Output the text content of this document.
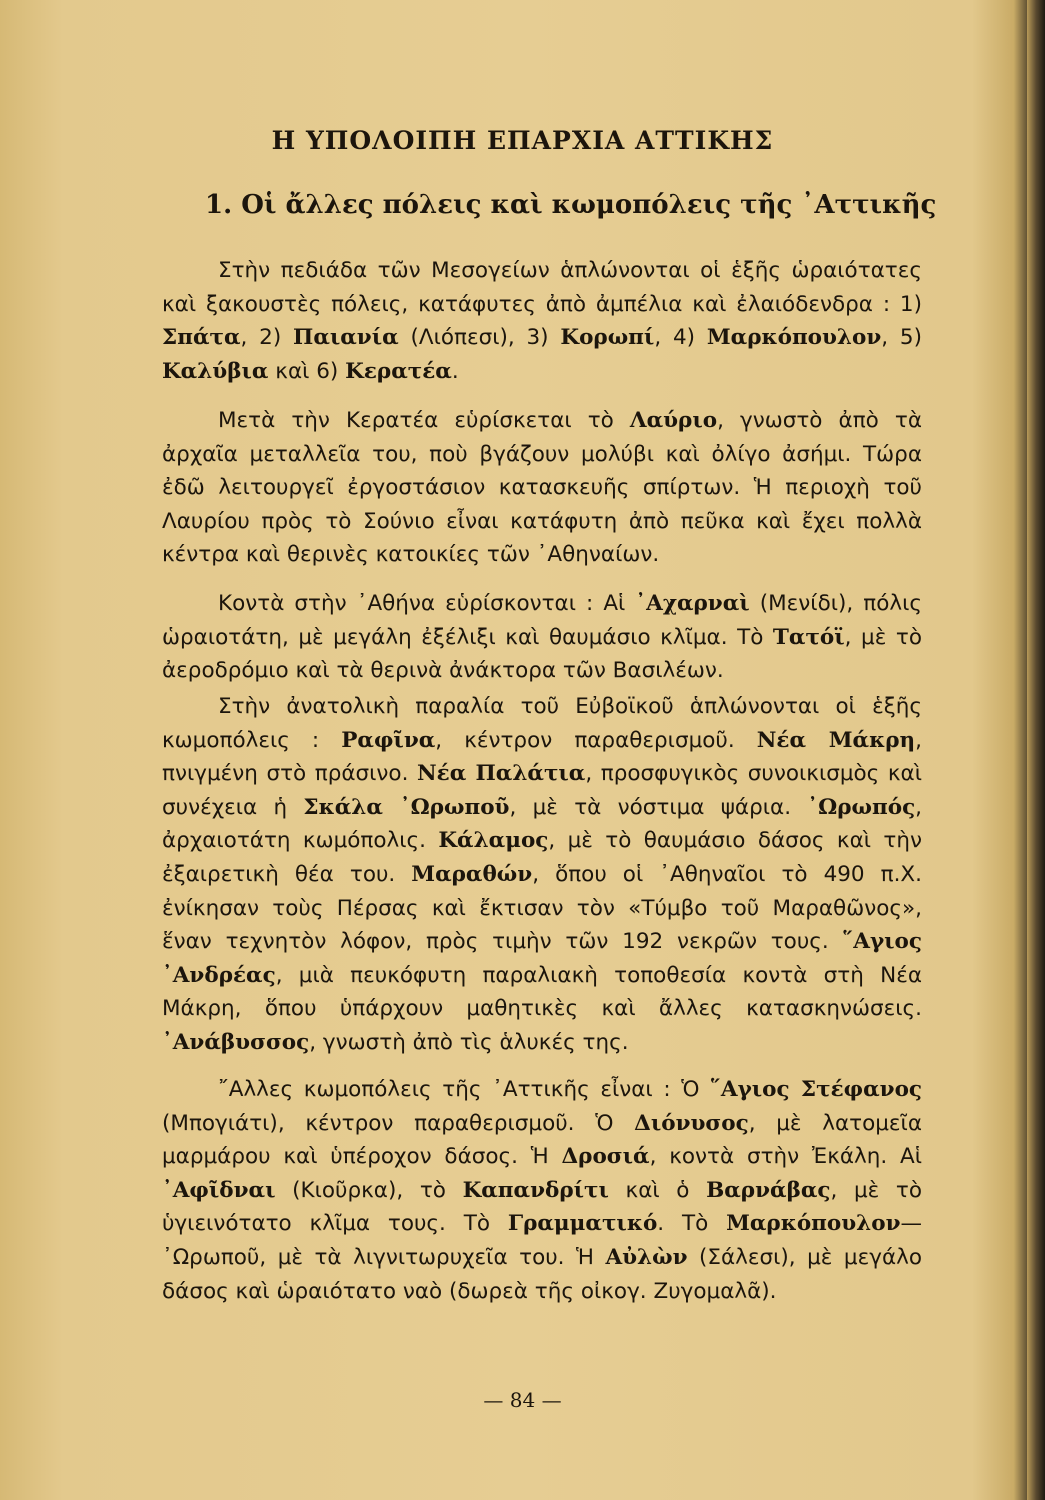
Η ΥΠΟΛΟΙΠΗ ΕΠΑΡΧΙΑ ΑΤΤΙΚΗΣ
1. Οἱ ἄλλες πόλεις καὶ κωμοπόλεις τῆς ᾽Αττικῆς

Στὴν πεδιάδα τῶν Μεσογείων ἁπλώνονται οἱ ἑξῆς ὡραιότατες καὶ ξακουστὲς πόλεις, κατάφυτες ἀπὸ ἀμπέλια καὶ ἐλαιόδενδρα : 1) Σπάτα, 2) Παιανία (Λιόπεσι), 3) Κορωπί, 4) Μαρκόπουλον, 5) Καλύβια καὶ 6) Κερατέα.

Μετὰ τὴν Κερατέα εὑρίσκεται τὸ Λαύριο, γνωστὸ ἀπὸ τὰ ἀρχαῖα μεταλλεῖα του, ποὺ βγάζουν μολύβι καὶ ὀλίγο ἀσήμι. Τώρα ἐδῶ λειτουργεῖ ἐργοστάσιον κατασκευῆς σπίρτων. Ἡ περιοχὴ τοῦ Λαυρίου πρὸς τὸ Σούνιο εἶναι κατάφυτη ἀπὸ πεῦκα καὶ ἔχει πολλὰ κέντρα καὶ θερινὲς κατοικίες τῶν ᾽Αθηναίων.

Κοντὰ στὴν ᾽Αθήνα εὑρίσκονται : Αἱ ᾽Αχαρναὶ (Μενίδι), πόλις ὡραιοτάτη, μὲ μεγάλη ἐξέλιξι καὶ θαυμάσιο κλῖμα. Τὸ Τατόϊ, μὲ τὸ ἀεροδρόμιο καὶ τὰ θερινὰ ἀνάκτορα τῶν Βασιλέων.

Στὴν ἀνατολικὴ παραλία τοῦ Εὐβοϊκοῦ ἁπλώνονται οἱ ἑξῆς κωμοπόλεις : Ραφῖνα, κέντρον παραθερισμοῦ. Νέα Μάκρη, πνιγμένη στὸ πράσινο. Νέα Παλάτια, προσφυγικὸς συνοικισμὸς καὶ συνέχεια ἡ Σκάλα ᾽Ωρωποῦ, μὲ τὰ νόστιμα ψάρια. ᾽Ωρωπός, ἀρχαιοτάτη κωμόπολις. Κάλαμος, μὲ τὸ θαυμάσιο δάσος καὶ τὴν ἐξαιρετικὴ θέα του. Μαραθών, ὅπου οἱ ᾽Αθηναῖοι τὸ 490 π.Χ. ἐνίκησαν τοὺς Πέρσας καὶ ἔκτισαν τὸν «Τύμβο τοῦ Μαραθῶνος», ἕναν τεχνητὸν λόφον, πρὸς τιμὴν τῶν 192 νεκρῶν τους. ῞Αγιος ᾽Ανδρέας, μιὰ πευκόφυτη παραλιακὴ τοποθεσία κοντὰ στὴ Νέα Μάκρη, ὅπου ὑπάρχουν μαθητικὲς καὶ ἄλλες κατασκηνώσεις. ᾽Ανάβυσσος, γνωστὴ ἀπὸ τὶς ἁλυκές της.

῎Αλλες κωμοπόλεις τῆς ᾽Αττικῆς εἶναι : Ὁ ῞Αγιος Στέφανος (Μπογιάτι), κέντρον παραθερισμοῦ. Ὁ Διόνυσος, μὲ λατομεῖα μαρμάρου καὶ ὑπέροχον δάσος. Ἡ Δροσιά, κοντὰ στὴν Ἐκάλη. Αἱ ᾽Αφῖδναι (Κιοῦρκα), τὸ Καπανδρίτι καὶ ὁ Βαρνάβας, μὲ τὸ ὑγιεινότατο κλῖμα τους. Τὸ Γραμματικό. Τὸ Μαρκόπουλον—᾽Ωρωποῦ, μὲ τὰ λιγνιτωρυχεῖα του. Ἡ Αὐλὼν (Σάλεσι), μὲ μεγάλο δάσος καὶ ὡραιότατο ναὸ (δωρεὰ τῆς οἰκογ. Ζυγομαλᾶ).

— 84 —
